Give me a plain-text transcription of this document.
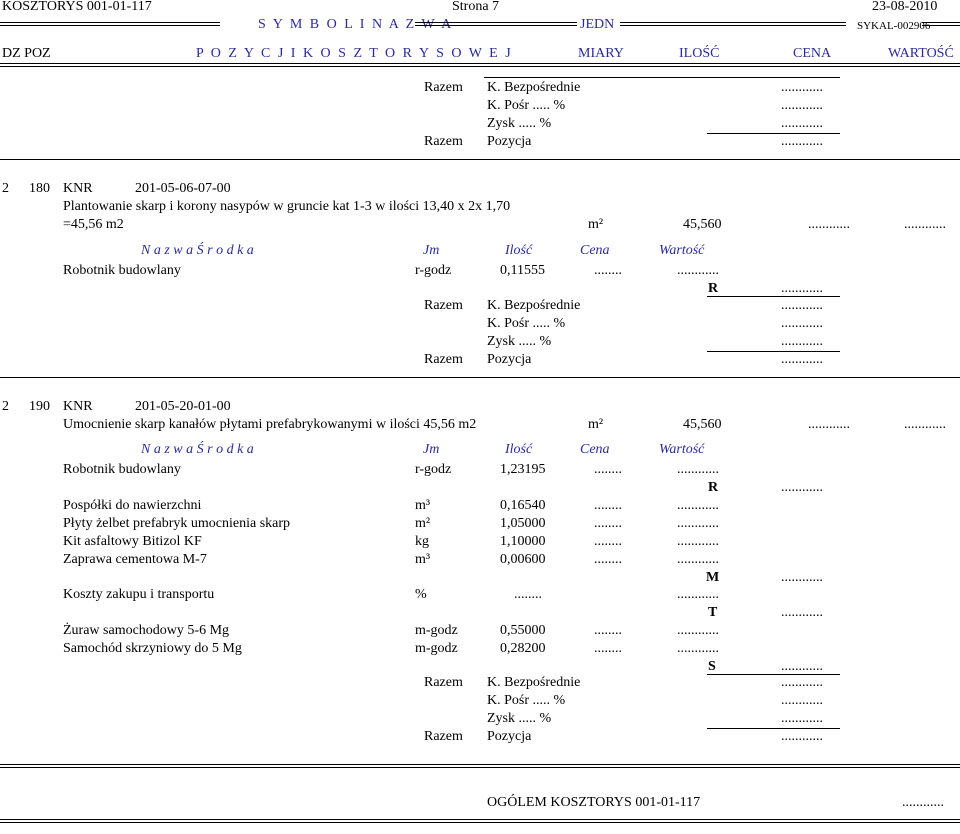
KOSZTORYS 001-01-117	Strona 7	23-08-2010
S Y M B O L I N A Z W A	JEDN	SYKAL-002906
DZ POZ	P O Z Y C J I K O S Z T O R Y S O W E J	MIARY	ILOŚĆ	CENA	WARTOŚĆ
Razem K. Bezpośrednie	............
K. Pośr ..... %	............
Zysk ..... %	............
Razem Pozycja	............
2 180 KNR	201-05-06-07-00
Plantowanie skarp i korony nasypów w gruncie kat 1-3 w ilości 13,40 x 2x 1,70
=45,56 m2	m²	45,560	............	............
N a z w a Ś r o d k a	Jm	Ilość	Cena	Wartość
Robotnik budowlany	r-godz	0,11555	........	............
R	............
Razem K. Bezpośrednie	............
K. Pośr ..... %	............
Zysk ..... %	............
Razem Pozycja	............
2 190 KNR	201-05-20-01-00
Umocnienie skarp kanałów płytami prefabrykowanymi w ilości 45,56 m2	m²	45,560	............	............
N a z w a Ś r o d k a	Jm	Ilość	Cena	Wartość
Robotnik budowlany	r-godz	1,23195	........	............
R	............
Pospółki do nawierzchni	m³	0,16540	........	............
Płyty żelbet prefabryk umocnienia skarp	m²	1,05000	........	............
Kit asfaltowy Bitizol KF	kg	1,10000	........	............
Zaprawa cementowa M-7	m³	0,00600	........	............
M	............
Koszty zakupu i transportu	%	........	............
T	............
Żuraw samochodowy 5-6 Mg	m-godz	0,55000	........	............
Samochód skrzyniowy do 5 Mg	m-godz	0,28200	........	............
S	............
Razem K. Bezpośrednie	............
K. Pośr ..... %	............
Zysk ..... %	............
Razem Pozycja	............
OGÓLEM KOSZTORYS 001-01-117	............
